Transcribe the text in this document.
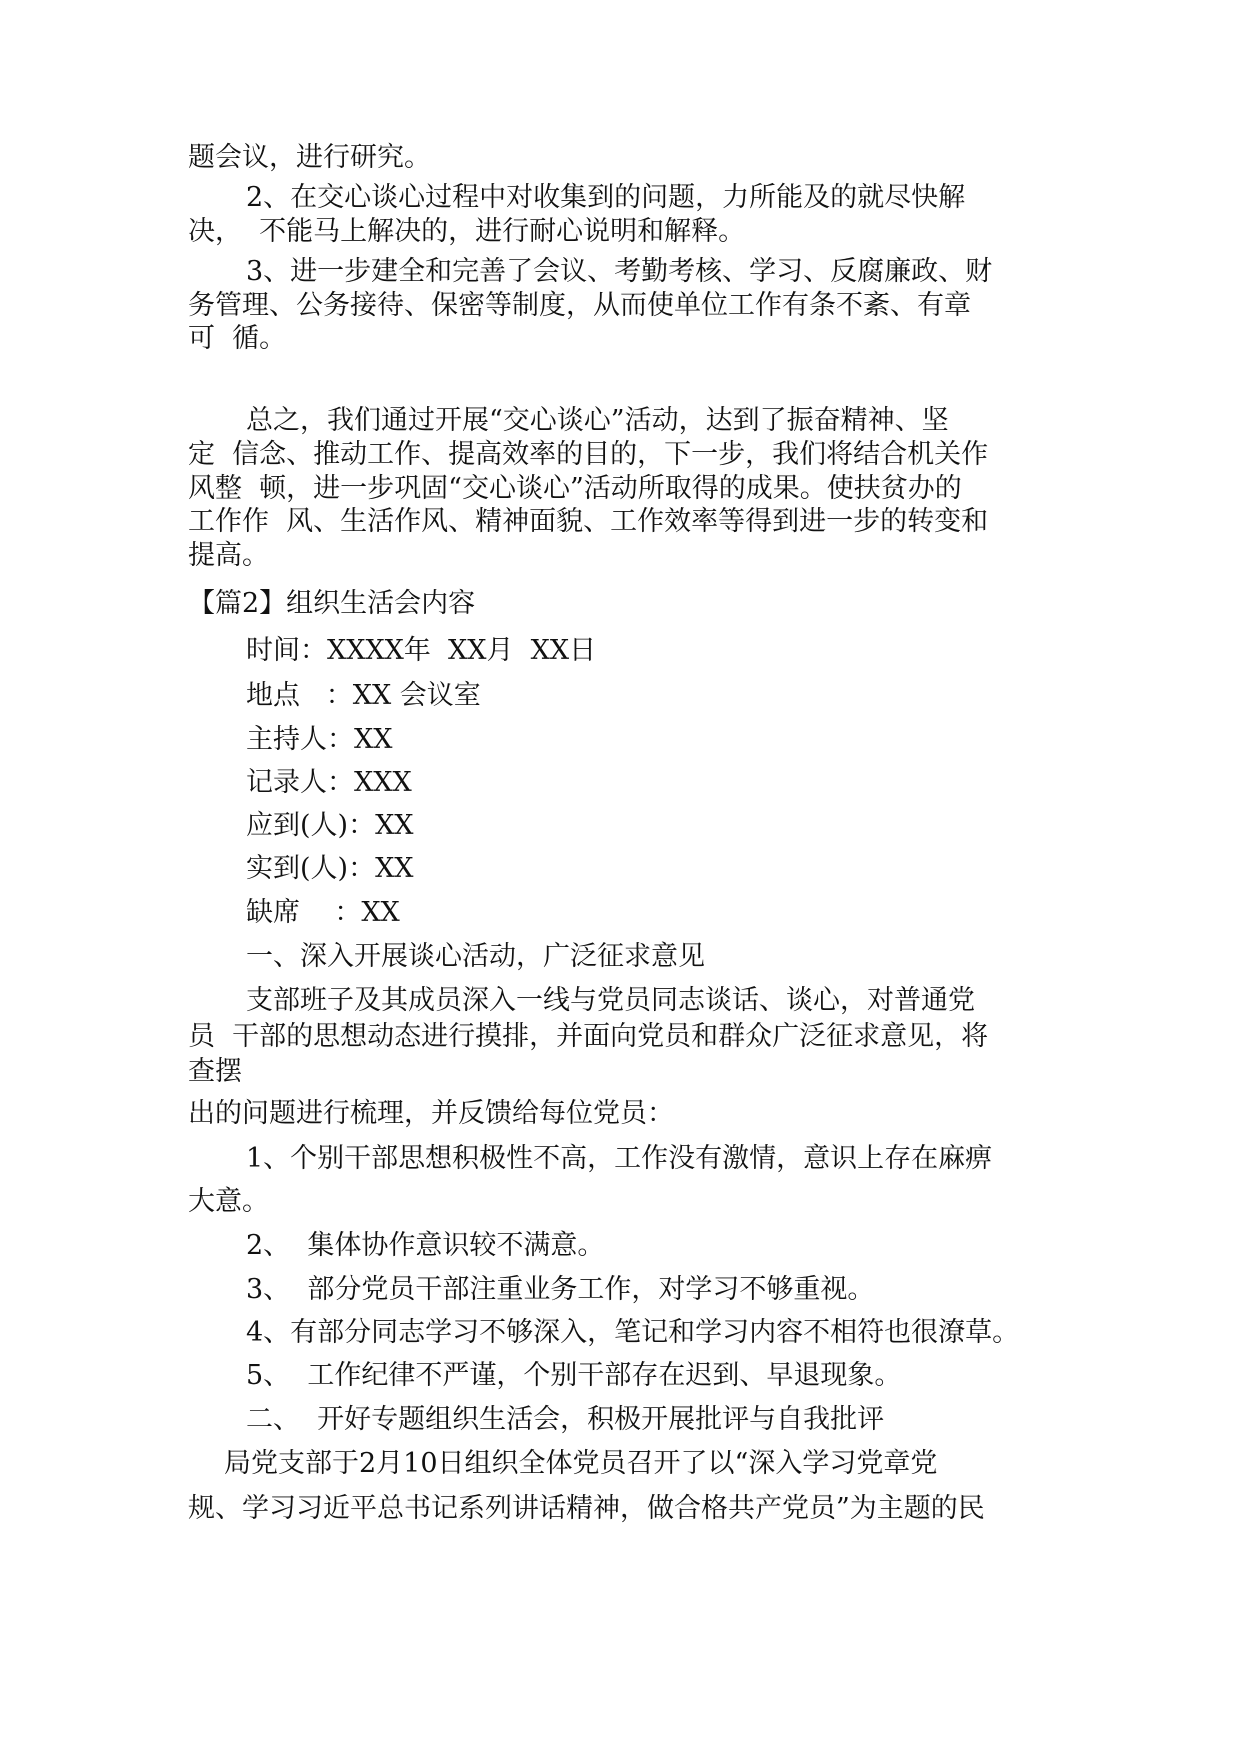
题会议，进行研究。
2、在交心谈心过程中对收集到的问题，力所能及的就尽快解
决，  不能马上解决的，进行耐心说明和解释。
3、进一步建全和完善了会议、考勤考核、学习、反腐廉政、财
务管理、公务接待、保密等制度，从而使单位工作有条不紊、有章
可  循。
总之，我们通过开展“交心谈心”活动，达到了振奋精神、坚
定  信念、推动工作、提高效率的目的，下一步，我们将结合机关作
风整  顿，进一步巩固“交心谈心”活动所取得的成果。使扶贫办的
工作作  风、生活作风、精神面貌、工作效率等得到进一步的转变和
提高。
【篇2】组织生活会内容
时间：XXXX年  XX月  XX日
地点   ：XX 会议室
主持人：XX
记录人：XXX
应到(人)：XX
实到(人)：XX
缺席    ：XX
一、深入开展谈心活动，广泛征求意见
支部班子及其成员深入一线与党员同志谈话、谈心，对普通党
员  干部的思想动态进行摸排，并面向党员和群众广泛征求意见，将
查摆
出的问题进行梳理，并反馈给每位党员：
1、个别干部思想积极性不高，工作没有激情，意识上存在麻痹
大意。
2、  集体协作意识较不满意。
3、  部分党员干部注重业务工作，对学习不够重视。
4、有部分同志学习不够深入，笔记和学习内容不相符也很潦草。
5、  工作纪律不严谨，个别干部存在迟到、早退现象。
二、  开好专题组织生活会，积极开展批评与自我批评
局党支部于2月10日组织全体党员召开了以“深入学习党章党
规、学习习近平总书记系列讲话精神，做合格共产党员”为主题的民
